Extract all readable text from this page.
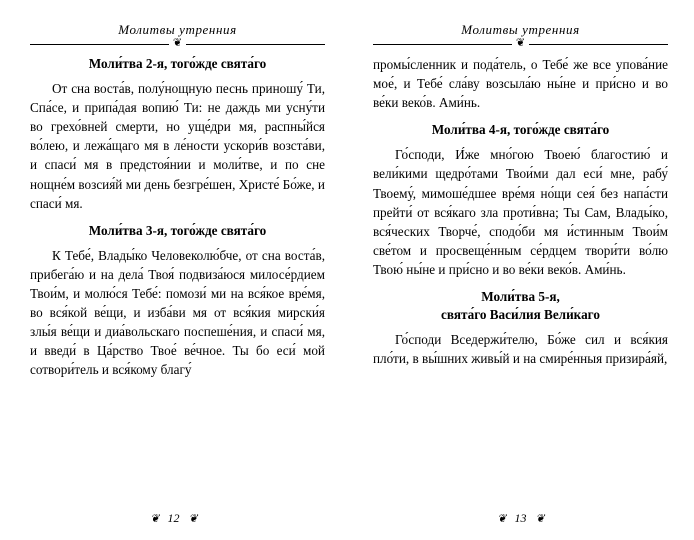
Молитвы утренния
❦
Моли́тва 2-я, того́жде свята́го

От сна воста́в, полу́нощную песнь приношу́ Ти, Спа́се, и припа́дая вопию́ Ти: не даждь ми усну́ти во грехо́вней смерти, но уще́дри мя, распны́йся во́лею, и лежа́щаго мя в ле́ности ускори́в возста́ви, и спаси́ мя в предстоя́нии и моли́тве, и по сне нощне́м возсия́й ми день безгре́шен, Христе́ Бо́же, и спаси́ мя.

Моли́тва 3-я, того́жде свята́го

К Тебе́, Влады́ко Человеколю́бче, от сна воста́в, прибега́ю и на дела́ Твоя́ подвиза́юся милосе́рдием Твои́м, и молю́ся Тебе́: помози́ ми на вся́кое вре́мя, во вся́кой ве́щи, и изба́ви мя от вся́кия мирски́я злы́я ве́щи и диа́вольскаго поспеше́ния, и спаси́ мя, и введи́ в Ца́рство Твое́ ве́чное. Ты бо еси́ мой сотвори́тель и вся́кому благу́

❦ 12 ❦
Молитвы утренния
❦

промы́сленник и пода́тель, о Тебе́ же все упова́ние мое́, и Тебе́ сла́ву возсыла́ю ны́не и при́сно и во ве́ки веко́в. Ами́нь.

Моли́тва 4-я, того́жде свята́го

Го́споди, И́же мно́гою Твоею́ благостию́ и вели́кими щедро́тами Твои́ми дал еси́ мне, рабу́ Твоему́, мимоше́дшее вре́мя но́щи сея́ без напа́сти прейти́ от вся́каго зла проти́вна; Ты Сам, Влады́ко, вся́ческих Творче́, сподо́би мя и́стинным Твои́м све́том и просвеще́нным се́рдцем твори́ти во́лю Твою́ ны́не и при́сно и во ве́ки веко́в. Ами́нь.

Моли́тва 5-я,
свята́го Васи́лия Вели́каго

Го́споди Вседержи́телю, Бо́же сил и вся́кия пло́ти, в вы́шних живы́й и на смире́нныя призира́яй,

❦ 13 ❦
